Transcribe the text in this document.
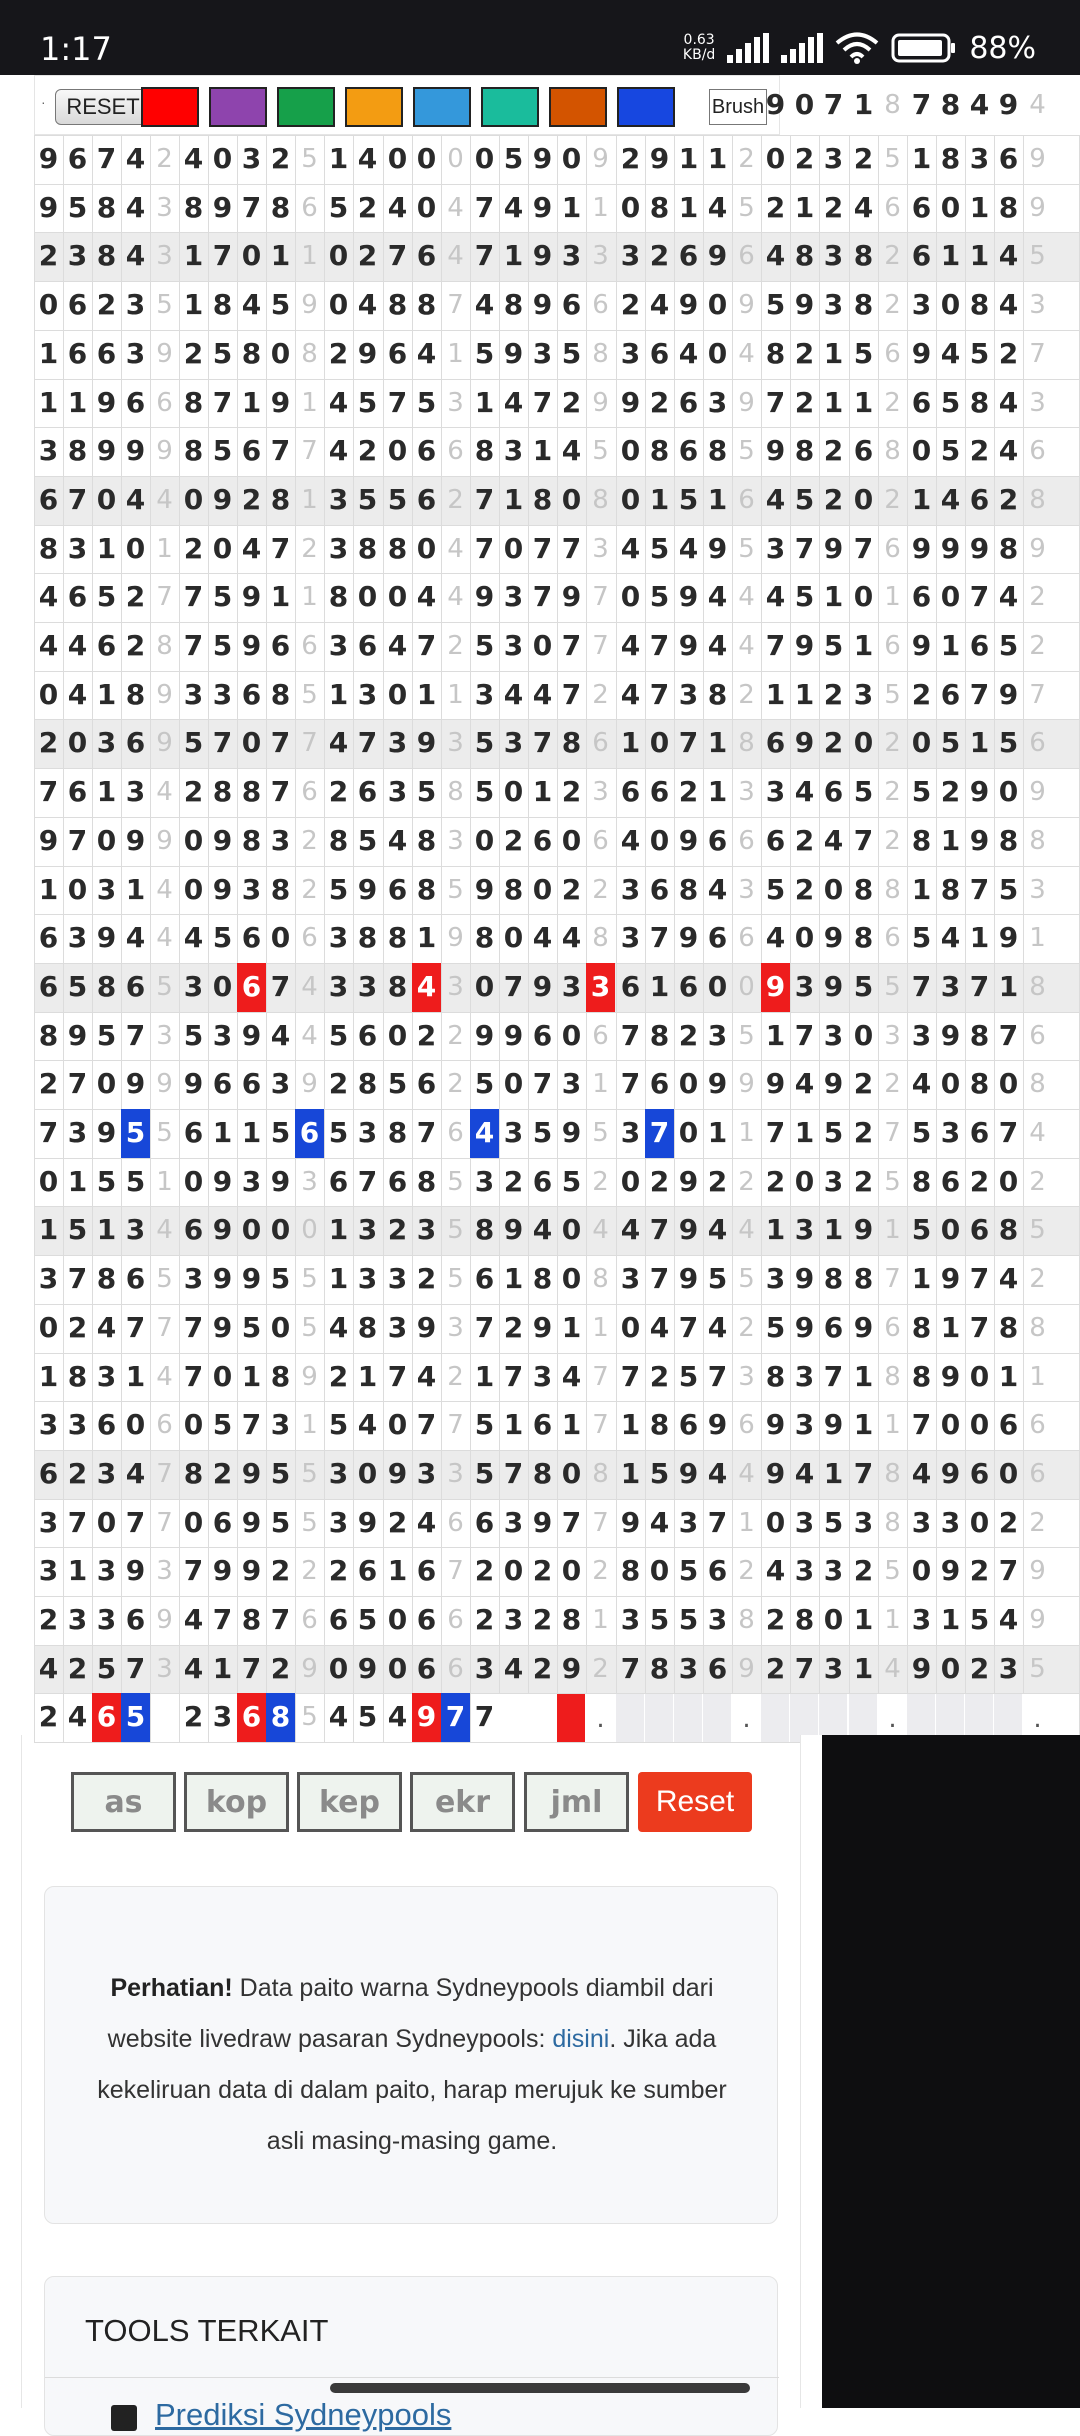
1:17	0.63
KB/d	88%
· RESET	Brush 9 0 7 1 8 7 8 4 9 4
9 6 7 4 2 4 0 3 2 5 1 4 0 0 0 0 5 9 0 9 2 9 1 1 2 0 2 3 2 5 1 8 3 6 9
9 5 8 4 3 8 9 7 8 6 5 2 4 0 4 7 4 9 1 1 0 8 1 4 5 2 1 2 4 6 6 0 1 8 9
2 3 8 4 3 1 7 0 1 1 0 2 7 6 4 7 1 9 3 3 3 2 6 9 6 4 8 3 8 2 6 1 1 4 5
0 6 2 3 5 1 8 4 5 9 0 4 8 8 7 4 8 9 6 6 2 4 9 0 9 5 9 3 8 2 3 0 8 4 3
1 6 6 3 9 2 5 8 0 8 2 9 6 4 1 5 9 3 5 8 3 6 4 0 4 8 2 1 5 6 9 4 5 2 7
1 1 9 6 6 8 7 1 9 1 4 5 7 5 3 1 4 7 2 9 9 2 6 3 9 7 2 1 1 2 6 5 8 4 3
3 8 9 9 9 8 5 6 7 7 4 2 0 6 6 8 3 1 4 5 0 8 6 8 5 9 8 2 6 8 0 5 2 4 6
6 7 0 4 4 0 9 2 8 1 3 5 5 6 2 7 1 8 0 8 0 1 5 1 6 4 5 2 0 2 1 4 6 2 8
8 3 1 0 1 2 0 4 7 2 3 8 8 0 4 7 0 7 7 3 4 5 4 9 5 3 7 9 7 6 9 9 9 8 9
4 6 5 2 7 7 5 9 1 1 8 0 0 4 4 9 3 7 9 7 0 5 9 4 4 4 5 1 0 1 6 0 7 4 2
4 4 6 2 8 7 5 9 6 6 3 6 4 7 2 5 3 0 7 7 4 7 9 4 4 7 9 5 1 6 9 1 6 5 2
0 4 1 8 9 3 3 6 8 5 1 3 0 1 1 3 4 4 7 2 4 7 3 8 2 1 1 2 3 5 2 6 7 9 7
2 0 3 6 9 5 7 0 7 7 4 7 3 9 3 5 3 7 8 6 1 0 7 1 8 6 9 2 0 2 0 5 1 5 6
7 6 1 3 4 2 8 8 7 6 2 6 3 5 8 5 0 1 2 3 6 6 2 1 3 3 4 6 5 2 5 2 9 0 9
9 7 0 9 9 0 9 8 3 2 8 5 4 8 3 0 2 6 0 6 4 0 9 6 6 6 2 4 7 2 8 1 9 8 8
1 0 3 1 4 0 9 3 8 2 5 9 6 8 5 9 8 0 2 2 3 6 8 4 3 5 2 0 8 8 1 8 7 5 3
6 3 9 4 4 4 5 6 0 6 3 8 8 1 9 8 0 4 4 8 3 7 9 6 6 4 0 9 8 6 5 4 1 9 1
6 5 8 6 5 3 0 6 7 4 3 3 8 4 3 0 7 9 3 3 6 1 6 0 0 9 3 9 5 5 7 3 7 1 8
8 9 5 7 3 5 3 9 4 4 5 6 0 2 2 9 9 6 0 6 7 8 2 3 5 1 7 3 0 3 3 9 8 7 6
2 7 0 9 9 9 6 6 3 9 2 8 5 6 2 5 0 7 3 1 7 6 0 9 9 9 4 9 2 2 4 0 8 0 8
7 3 9 5 5 6 1 1 5 6 5 3 8 7 6 4 3 5 9 5 3 7 0 1 1 7 1 5 2 7 5 3 6 7 4
0 1 5 5 1 0 9 3 9 3 6 7 6 8 5 3 2 6 5 2 0 2 9 2 2 2 0 3 2 5 8 6 2 0 2
1 5 1 3 4 6 9 0 0 0 1 3 2 3 5 8 9 4 0 4 4 7 9 4 4 1 3 1 9 1 5 0 6 8 5
3 7 8 6 5 3 9 9 5 5 1 3 3 2 5 6 1 8 0 8 3 7 9 5 5 3 9 8 8 7 1 9 7 4 2
0 2 4 7 7 7 9 5 0 5 4 8 3 9 3 7 2 9 1 1 0 4 7 4 2 5 9 6 9 6 8 1 7 8 8
1 8 3 1 4 7 0 1 8 9 2 1 7 4 2 1 7 3 4 7 7 2 5 7 3 8 3 7 1 8 8 9 0 1 1
3 3 6 0 6 0 5 7 3 1 5 4 0 7 7 5 1 6 1 7 1 8 6 9 6 9 3 9 1 1 7 0 0 6 6
6 2 3 4 7 8 2 9 5 5 3 0 9 3 3 5 7 8 0 8 1 5 9 4 4 9 4 1 7 8 4 9 6 0 6
3 7 0 7 7 0 6 9 5 5 3 9 2 4 6 6 3 9 7 7 9 4 3 7 1 0 3 5 3 8 3 3 0 2 2
3 1 3 9 3 7 9 9 2 2 2 6 1 6 7 2 0 2 0 2 8 0 5 6 2 4 3 3 2 5 0 9 2 7 9
2 3 3 6 9 4 7 8 7 6 6 5 0 6 6 2 3 2 8 1 3 5 5 3 8 2 8 0 1 1 3 1 5 4 9
4 2 5 7 3 4 1 7 2 9 0 9 0 6 6 3 4 2 9 2 7 8 3 6 9 2 7 3 1 4 9 0 2 3 5
2 4 6 5 2 3 6 8 5 4 5 4 9 7 7	.	.	.	.
as	kop	kep	ekr	jml	Reset
Perhatian! Data paito warna Sydneypools diambil dari website livedraw pasaran Sydneypools: disini. Jika ada kekeliruan data di dalam paito, harap merujuk ke sumber asli masing-masing game.
TOOLS TERKAIT
Prediksi Sydneypools
